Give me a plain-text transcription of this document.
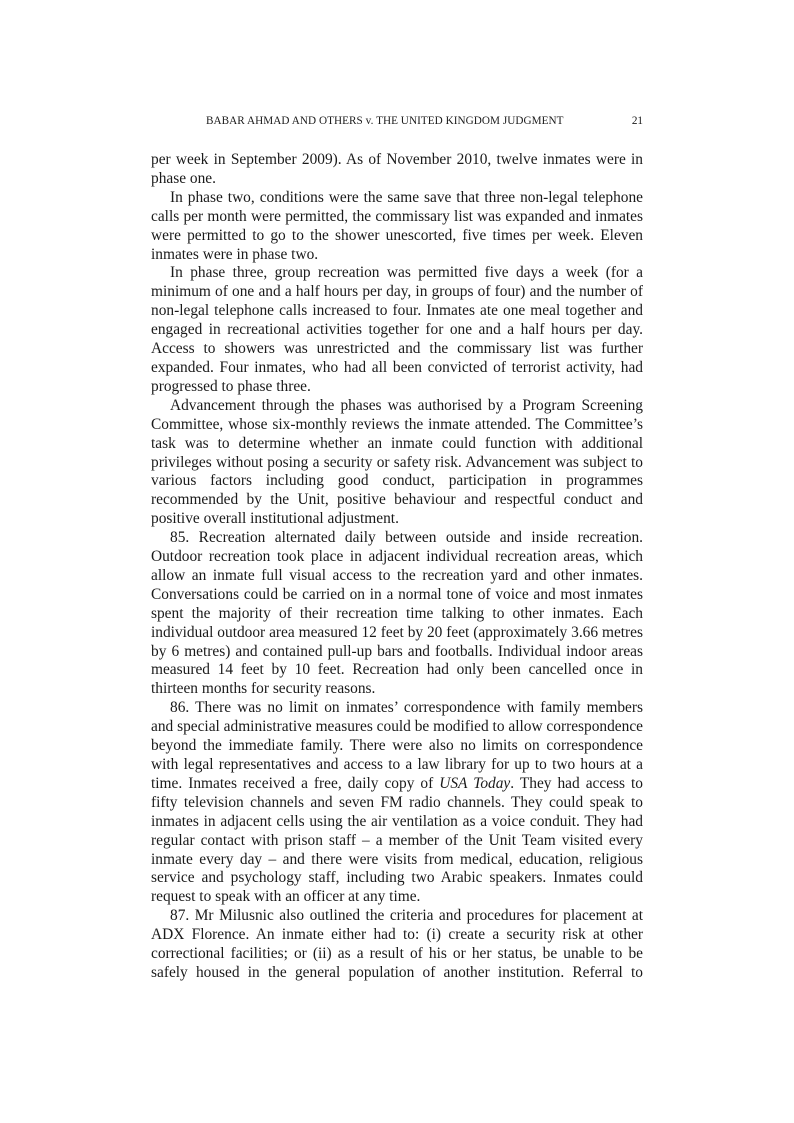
BABAR AHMAD AND OTHERS v. THE UNITED KINGDOM JUDGMENT	21

per week in September 2009). As of November 2010, twelve inmates were in phase one.

In phase two, conditions were the same save that three non-legal telephone calls per month were permitted, the commissary list was expanded and inmates were permitted to go to the shower unescorted, five times per week. Eleven inmates were in phase two.

In phase three, group recreation was permitted five days a week (for a minimum of one and a half hours per day, in groups of four) and the number of non-legal telephone calls increased to four. Inmates ate one meal together and engaged in recreational activities together for one and a half hours per day. Access to showers was unrestricted and the commissary list was further expanded. Four inmates, who had all been convicted of terrorist activity, had progressed to phase three.

Advancement through the phases was authorised by a Program Screening Committee, whose six-monthly reviews the inmate attended. The Committee’s task was to determine whether an inmate could function with additional privileges without posing a security or safety risk. Advancement was subject to various factors including good conduct, participation in programmes recommended by the Unit, positive behaviour and respectful conduct and positive overall institutional adjustment.

85. Recreation alternated daily between outside and inside recreation. Outdoor recreation took place in adjacent individual recreation areas, which allow an inmate full visual access to the recreation yard and other inmates. Conversations could be carried on in a normal tone of voice and most inmates spent the majority of their recreation time talking to other inmates. Each individual outdoor area measured 12 feet by 20 feet (approximately 3.66 metres by 6 metres) and contained pull-up bars and footballs. Individual indoor areas measured 14 feet by 10 feet. Recreation had only been cancelled once in thirteen months for security reasons.

86. There was no limit on inmates’ correspondence with family members and special administrative measures could be modified to allow correspondence beyond the immediate family. There were also no limits on correspondence with legal representatives and access to a law library for up to two hours at a time. Inmates received a free, daily copy of USA Today. They had access to fifty television channels and seven FM radio channels. They could speak to inmates in adjacent cells using the air ventilation as a voice conduit. They had regular contact with prison staff – a member of the Unit Team visited every inmate every day – and there were visits from medical, education, religious service and psychology staff, including two Arabic speakers. Inmates could request to speak with an officer at any time.

87. Mr Milusnic also outlined the criteria and procedures for placement at ADX Florence. An inmate either had to: (i) create a security risk at other correctional facilities; or (ii) as a result of his or her status, be unable to be safely housed in the general population of another institution. Referral to
